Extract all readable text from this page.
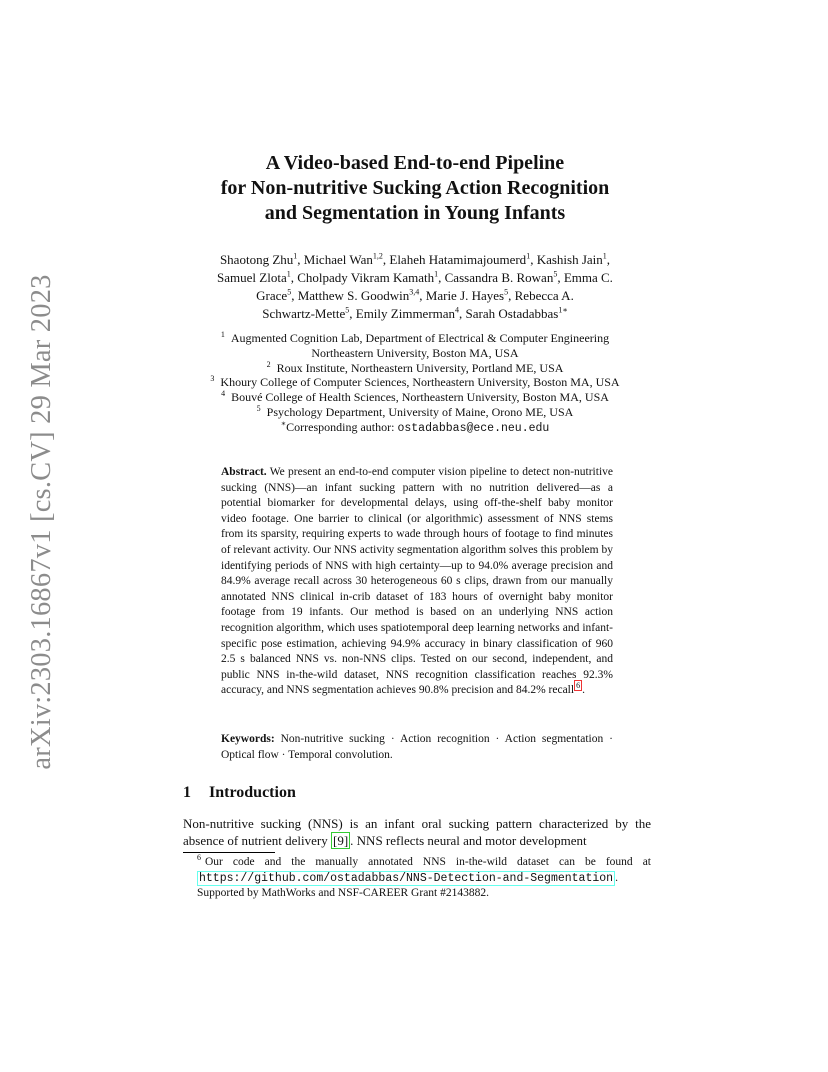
arXiv:2303.16867v1 [cs.CV] 29 Mar 2023
A Video-based End-to-end Pipeline
for Non-nutritive Sucking Action Recognition
and Segmentation in Young Infants
Shaotong Zhu$^1$, Michael Wan$^{1,2}$, Elaheh Hatamimajoumerd$^1$, Kashish Jain$^1$,
Samuel Zlota$^1$, Cholpady Vikram Kamath$^1$, Cassandra B. Rowan$^5$, Emma C.
Grace$^5$, Matthew S. Goodwin$^{3,4}$, Marie J. Hayes$^5$, Rebecca A.
Schwartz-Mette$^5$, Emily Zimmerman$^4$, Sarah Ostadabbas$^{1∗}$
$^1$ Augmented Cognition Lab, Department of Electrical & Computer Engineering
Northeastern University, Boston MA, USA
$^2$ Roux Institute, Northeastern University, Portland ME, USA
$^3$ Khoury College of Computer Sciences, Northeastern University, Boston MA, USA
$^4$ Bouvé College of Health Sciences, Northeastern University, Boston MA, USA
$^5$ Psychology Department, University of Maine, Orono ME, USA
∗Corresponding author: ostadabbas@ece.neu.edu
Abstract. We present an end-to-end computer vision pipeline to detect non-nutritive sucking (NNS)—an infant sucking pattern with no nutrition delivered—as a potential biomarker for developmental delays, using off-the-shelf baby monitor video footage. One barrier to clinical (or algorithmic) assessment of NNS stems from its sparsity, requiring experts to wade through hours of footage to find minutes of relevant activity. Our NNS activity segmentation algorithm solves this problem by identifying periods of NNS with high certainty—up to 94.0% average precision and 84.9% average recall across 30 heterogeneous 60 s clips, drawn from our manually annotated NNS clinical in-crib dataset of 183 hours of overnight baby monitor footage from 19 infants. Our method is based on an underlying NNS action recognition algorithm, which uses spatiotemporal deep learning networks and infant-specific pose estimation, achieving 94.9% accuracy in binary classification of 960 2.5 s balanced NNS vs. non-NNS clips. Tested on our second, independent, and public NNS in-the-wild dataset, NNS recognition classification reaches 92.3% accuracy, and NNS segmentation achieves 90.8% precision and 84.2% recall $^6$ .
Keywords: Non-nutritive sucking · Action recognition · Action segmentation · Optical flow · Temporal convolution.
1 Introduction
Non-nutritive sucking (NNS) is an infant oral sucking pattern characterized by the absence of nutrient delivery [9] . NNS reflects neural and motor development
$^6$ Our code and the manually annotated NNS in-the-wild dataset can be found at https://github.com/ostadabbas/NNS-Detection-and-Segmentation . Supported by MathWorks and NSF-CAREER Grant #2143882.
